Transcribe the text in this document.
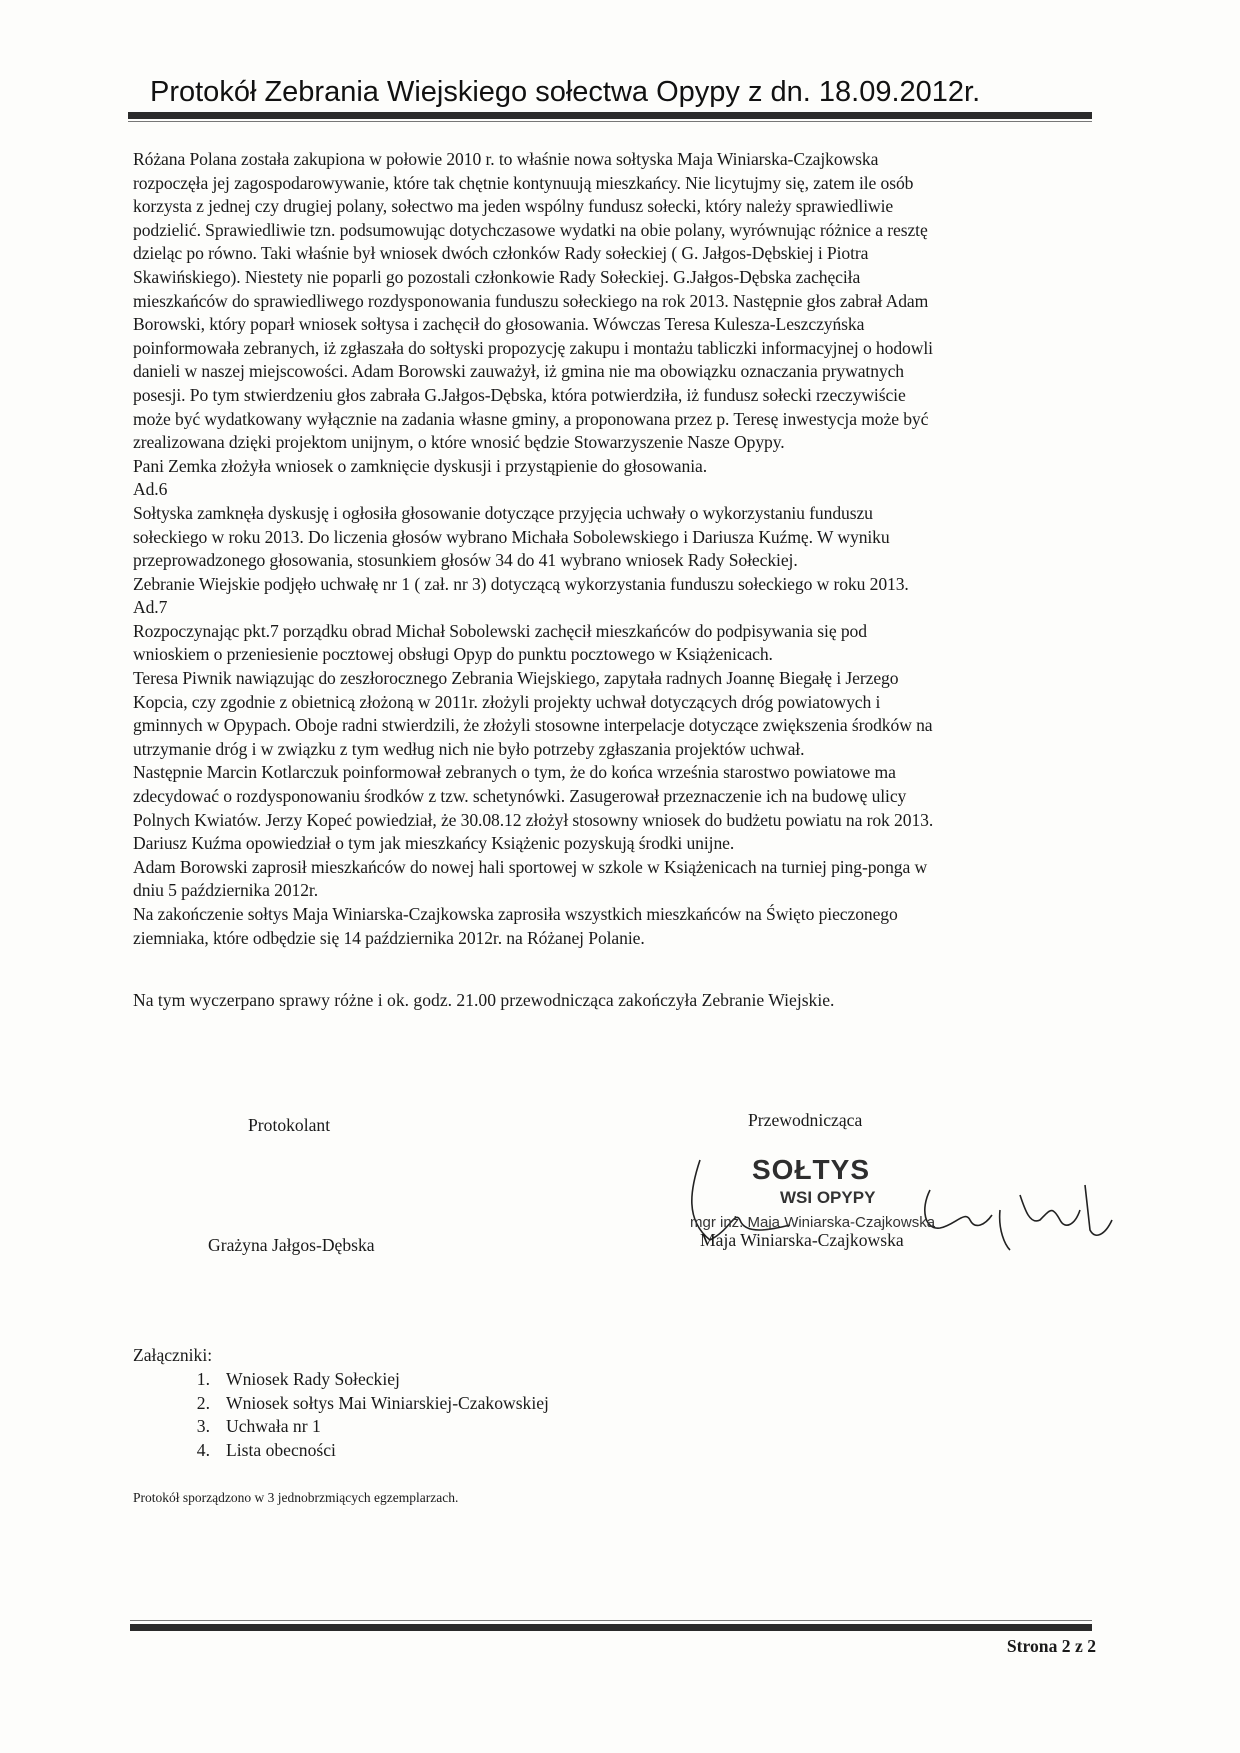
Protokół Zebrania Wiejskiego sołectwa Opypy z dn. 18.09.2012r.
Różana Polana została zakupiona w połowie 2010 r. to właśnie nowa sołtyska Maja Winiarska-Czajkowska
rozpoczęła jej zagospodarowywanie, które tak chętnie kontynuują mieszkańcy. Nie licytujmy się, zatem ile osób
korzysta z jednej czy drugiej polany, sołectwo ma jeden wspólny fundusz sołecki, który należy sprawiedliwie
podzielić. Sprawiedliwie tzn. podsumowując dotychczasowe wydatki na obie polany, wyrównując różnice a resztę
dzieląc po równo. Taki właśnie był wniosek dwóch członków Rady sołeckiej ( G. Jałgos-Dębskiej i Piotra
Skawińskiego). Niestety nie poparli go pozostali członkowie Rady Sołeckiej. G.Jałgos-Dębska zachęciła
mieszkańców do sprawiedliwego rozdysponowania funduszu sołeckiego na rok 2013. Następnie głos zabrał Adam
Borowski, który poparł wniosek sołtysa i zachęcił do głosowania. Wówczas Teresa Kulesza-Leszczyńska
poinformowała zebranych, iż zgłaszała do sołtyski propozycję zakupu i montażu tabliczki informacyjnej o hodowli
danieli w naszej miejscowości. Adam Borowski zauważył, iż gmina nie ma obowiązku oznaczania prywatnych
posesji. Po tym stwierdzeniu głos zabrała G.Jałgos-Dębska, która potwierdziła, iż fundusz sołecki rzeczywiście
może być wydatkowany wyłącznie na zadania własne gminy, a proponowana przez p. Teresę inwestycja może być
zrealizowana dzięki projektom unijnym, o które wnosić będzie Stowarzyszenie Nasze Opypy.
Pani Zemka złożyła wniosek o zamknięcie dyskusji i przystąpienie do głosowania.
Ad.6
Sołtyska zamknęła dyskusję i ogłosiła głosowanie dotyczące przyjęcia uchwały o wykorzystaniu funduszu
sołeckiego w roku 2013. Do liczenia głosów wybrano Michała Sobolewskiego i Dariusza Kuźmę. W wyniku
przeprowadzonego głosowania, stosunkiem głosów 34 do 41 wybrano wniosek Rady Sołeckiej.
Zebranie Wiejskie podjęło uchwałę nr 1 ( zał. nr 3) dotyczącą wykorzystania funduszu sołeckiego w roku 2013.
Ad.7
Rozpoczynając pkt.7 porządku obrad Michał Sobolewski zachęcił mieszkańców do podpisywania się pod
wnioskiem o przeniesienie pocztowej obsługi Opyp do punktu pocztowego w Książenicach.
Teresa Piwnik nawiązując do zeszłorocznego Zebrania Wiejskiego, zapytała radnych Joannę Biegałę i Jerzego
Kopcia, czy zgodnie z obietnicą złożoną w 2011r. złożyli projekty uchwał dotyczących dróg powiatowych i
gminnych w Opypach. Oboje radni stwierdzili, że złożyli stosowne interpelacje dotyczące zwiększenia środków na
utrzymanie dróg i w związku z tym według nich nie było potrzeby zgłaszania projektów uchwał.
Następnie Marcin Kotlarczuk poinformował zebranych o tym, że do końca września starostwo powiatowe ma
zdecydować o rozdysponowaniu środków z tzw. schetynówki. Zasugerował przeznaczenie ich na budowę ulicy
Polnych Kwiatów. Jerzy Kopeć powiedział, że 30.08.12 złożył stosowny wniosek do budżetu powiatu na rok 2013.
Dariusz Kuźma opowiedział o tym jak mieszkańcy Książenic pozyskują środki unijne.
Adam Borowski zaprosił mieszkańców do nowej hali sportowej w szkole w Książenicach na turniej ping-ponga w
dniu 5 października 2012r.
Na zakończenie sołtys Maja Winiarska-Czajkowska zaprosiła wszystkich mieszkańców na Święto pieczonego
ziemniaka, które odbędzie się 14 października 2012r. na Różanej Polanie.
Na tym wyczerpano sprawy różne i ok. godz. 21.00 przewodnicząca zakończyła Zebranie Wiejskie.
Protokolant
Grażyna Jałgos-Dębska
Przewodnicząca
SOŁTYS
WSI OPYPY
mgr inż. Maja Winiarska-Czajkowska
Maja Winiarska-Czajkowska
Załączniki:
1. Wniosek Rady Sołeckiej
2. Wniosek sołtys Mai Winiarskiej-Czakowskiej
3. Uchwała nr 1
4. Lista obecności
Protokół sporządzono w 3 jednobrzmiących egzemplarzach.
Strona 2 z 2
